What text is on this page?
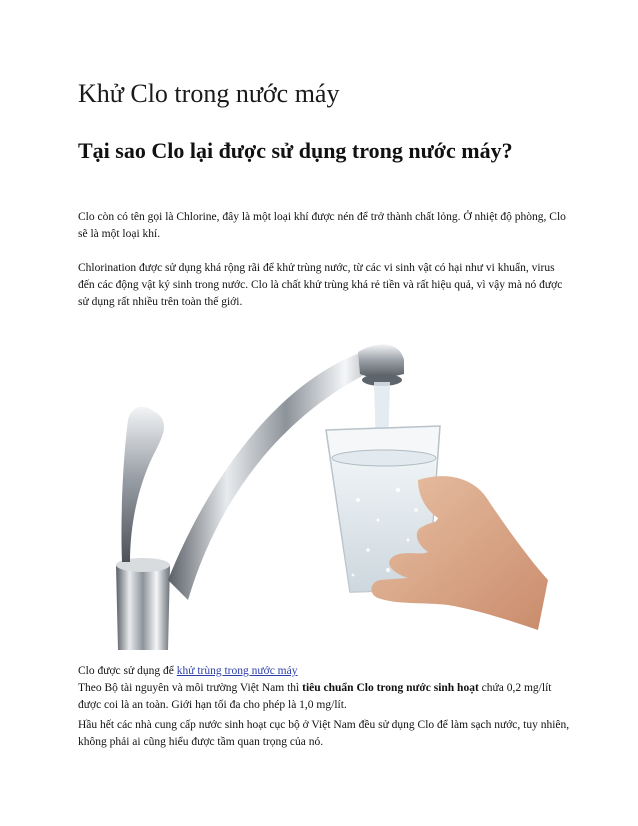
Khử Clo trong nước máy
Tại sao Clo lại được sử dụng trong nước máy?

Clo còn có tên gọi là Chlorine, đây là một loại khí được nén để trở thành chất lỏng. Ở nhiệt độ phòng, Clo sẽ là một loại khí.

Chlorination được sử dụng khá rộng rãi để khử trùng nước, từ các vi sinh vật có hại như vi khuẩn, virus đến các động vật ký sinh trong nước. Clo là chất khử trùng khá rẻ tiền và rất hiệu quả, vì vậy mà nó được sử dụng rất nhiều trên toàn thế giới.

Clo được sử dụng để khử trùng trong nước máy
Theo Bộ tài nguyên và môi trường Việt Nam thì tiêu chuẩn Clo trong nước sinh hoạt chứa 0,2 mg/lít được coi là an toàn. Giới hạn tối đa cho phép là 1,0 mg/lít.

Hầu hết các nhà cung cấp nước sinh hoạt cục bộ ở Việt Nam đều sử dụng Clo để làm sạch nước, tuy nhiên, không phải ai cũng hiểu được tầm quan trọng của nó.
